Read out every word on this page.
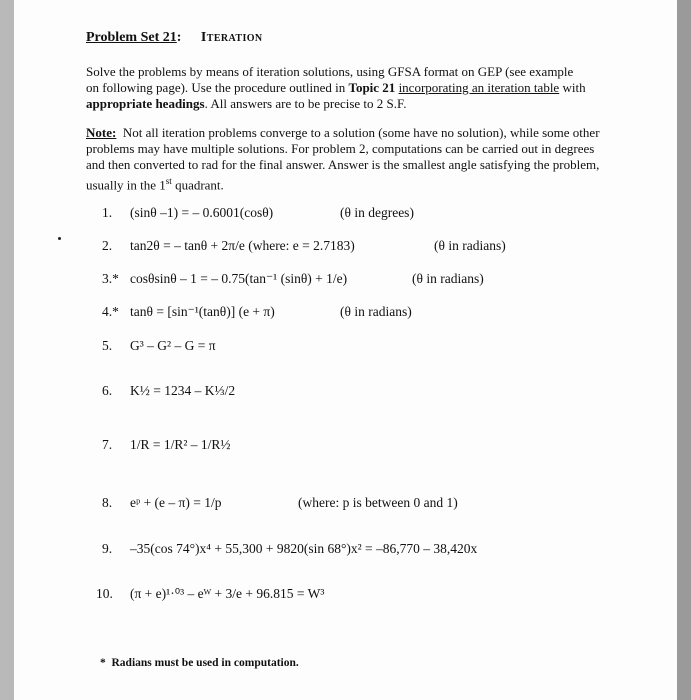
Problem Set 21: Iteration
Solve the problems by means of iteration solutions, using GFSA format on GEP (see example on following page). Use the procedure outlined in Topic 21 incorporating an iteration table with appropriate headings. All answers are to be precise to 2 S.F.
Note: Not all iteration problems converge to a solution (some have no solution), while some other problems may have multiple solutions. For problem 2, computations can be carried out in degrees and then converted to rad for the final answer. Answer is the smallest angle satisfying the problem, usually in the 1st quadrant.
1. (sinθ –1) = – 0.6001(cosθ)	(θ in degrees)
2. tan2θ = – tanθ + 2π/e (where: e = 2.7183)	(θ in radians)
3.* cosθsinθ – 1 = – 0.75(tan⁻¹ (sinθ) + 1/e)	(θ in radians)
4.* tanθ = [sin⁻¹(tanθ)] (e + π)	(θ in radians)
5. G³ – G² – G = π
6. K½ = 1234 – K⅓/2
7. 1/R = 1/R² – 1/R½
8. eᵖ + (e – π) = 1/p	(where: p is between 0 and 1)
9. –35(cos 74°)x⁴ + 55,300 + 9820(sin 68°)x² = –86,770 – 38,420x
10. (π + e)¹·⁰³ – eᵂ + 3/e + 96.815 = W³
*  Radians must be used in computation.
